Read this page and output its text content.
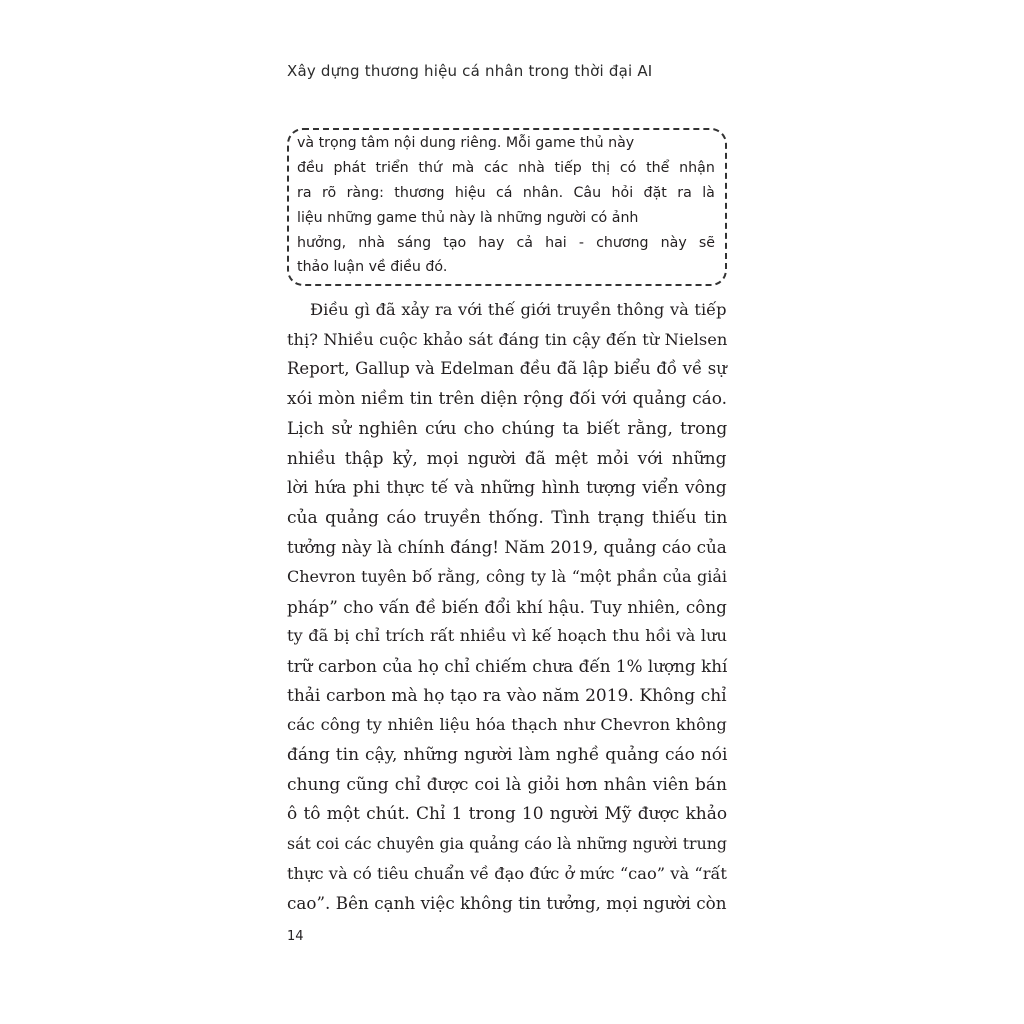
Xây dựng thương hiệu cá nhân trong thời đại AI
và trọng tâm nội dung riêng. Mỗi game thủ này
đều phát triển thứ mà các nhà tiếp thị có thể nhận
ra rõ ràng: thương hiệu cá nhân. Câu hỏi đặt ra là
liệu những game thủ này là những người có ảnh
hưởng, nhà sáng tạo hay cả hai - chương này sẽ
thảo luận về điều đó.
Điều gì đã xảy ra với thế giới truyền thông và tiếp
thị? Nhiều cuộc khảo sát đáng tin cậy đến từ Nielsen
Report, Gallup và Edelman đều đã lập biểu đồ về sự
xói mòn niềm tin trên diện rộng đối với quảng cáo.
Lịch sử nghiên cứu cho chúng ta biết rằng, trong
nhiều thập kỷ, mọi người đã mệt mỏi với những
lời hứa phi thực tế và những hình tượng viển vông
của quảng cáo truyền thống. Tình trạng thiếu tin
tưởng này là chính đáng! Năm 2019, quảng cáo của
Chevron tuyên bố rằng, công ty là “một phần của giải
pháp” cho vấn đề biến đổi khí hậu. Tuy nhiên, công
ty đã bị chỉ trích rất nhiều vì kế hoạch thu hồi và lưu
trữ carbon của họ chỉ chiếm chưa đến 1% lượng khí
thải carbon mà họ tạo ra vào năm 2019. Không chỉ
các công ty nhiên liệu hóa thạch như Chevron không
đáng tin cậy, những người làm nghề quảng cáo nói
chung cũng chỉ được coi là giỏi hơn nhân viên bán
ô tô một chút. Chỉ 1 trong 10 người Mỹ được khảo
sát coi các chuyên gia quảng cáo là những người trung
thực và có tiêu chuẩn về đạo đức ở mức “cao” và “rất
cao”. Bên cạnh việc không tin tưởng, mọi người còn
14
